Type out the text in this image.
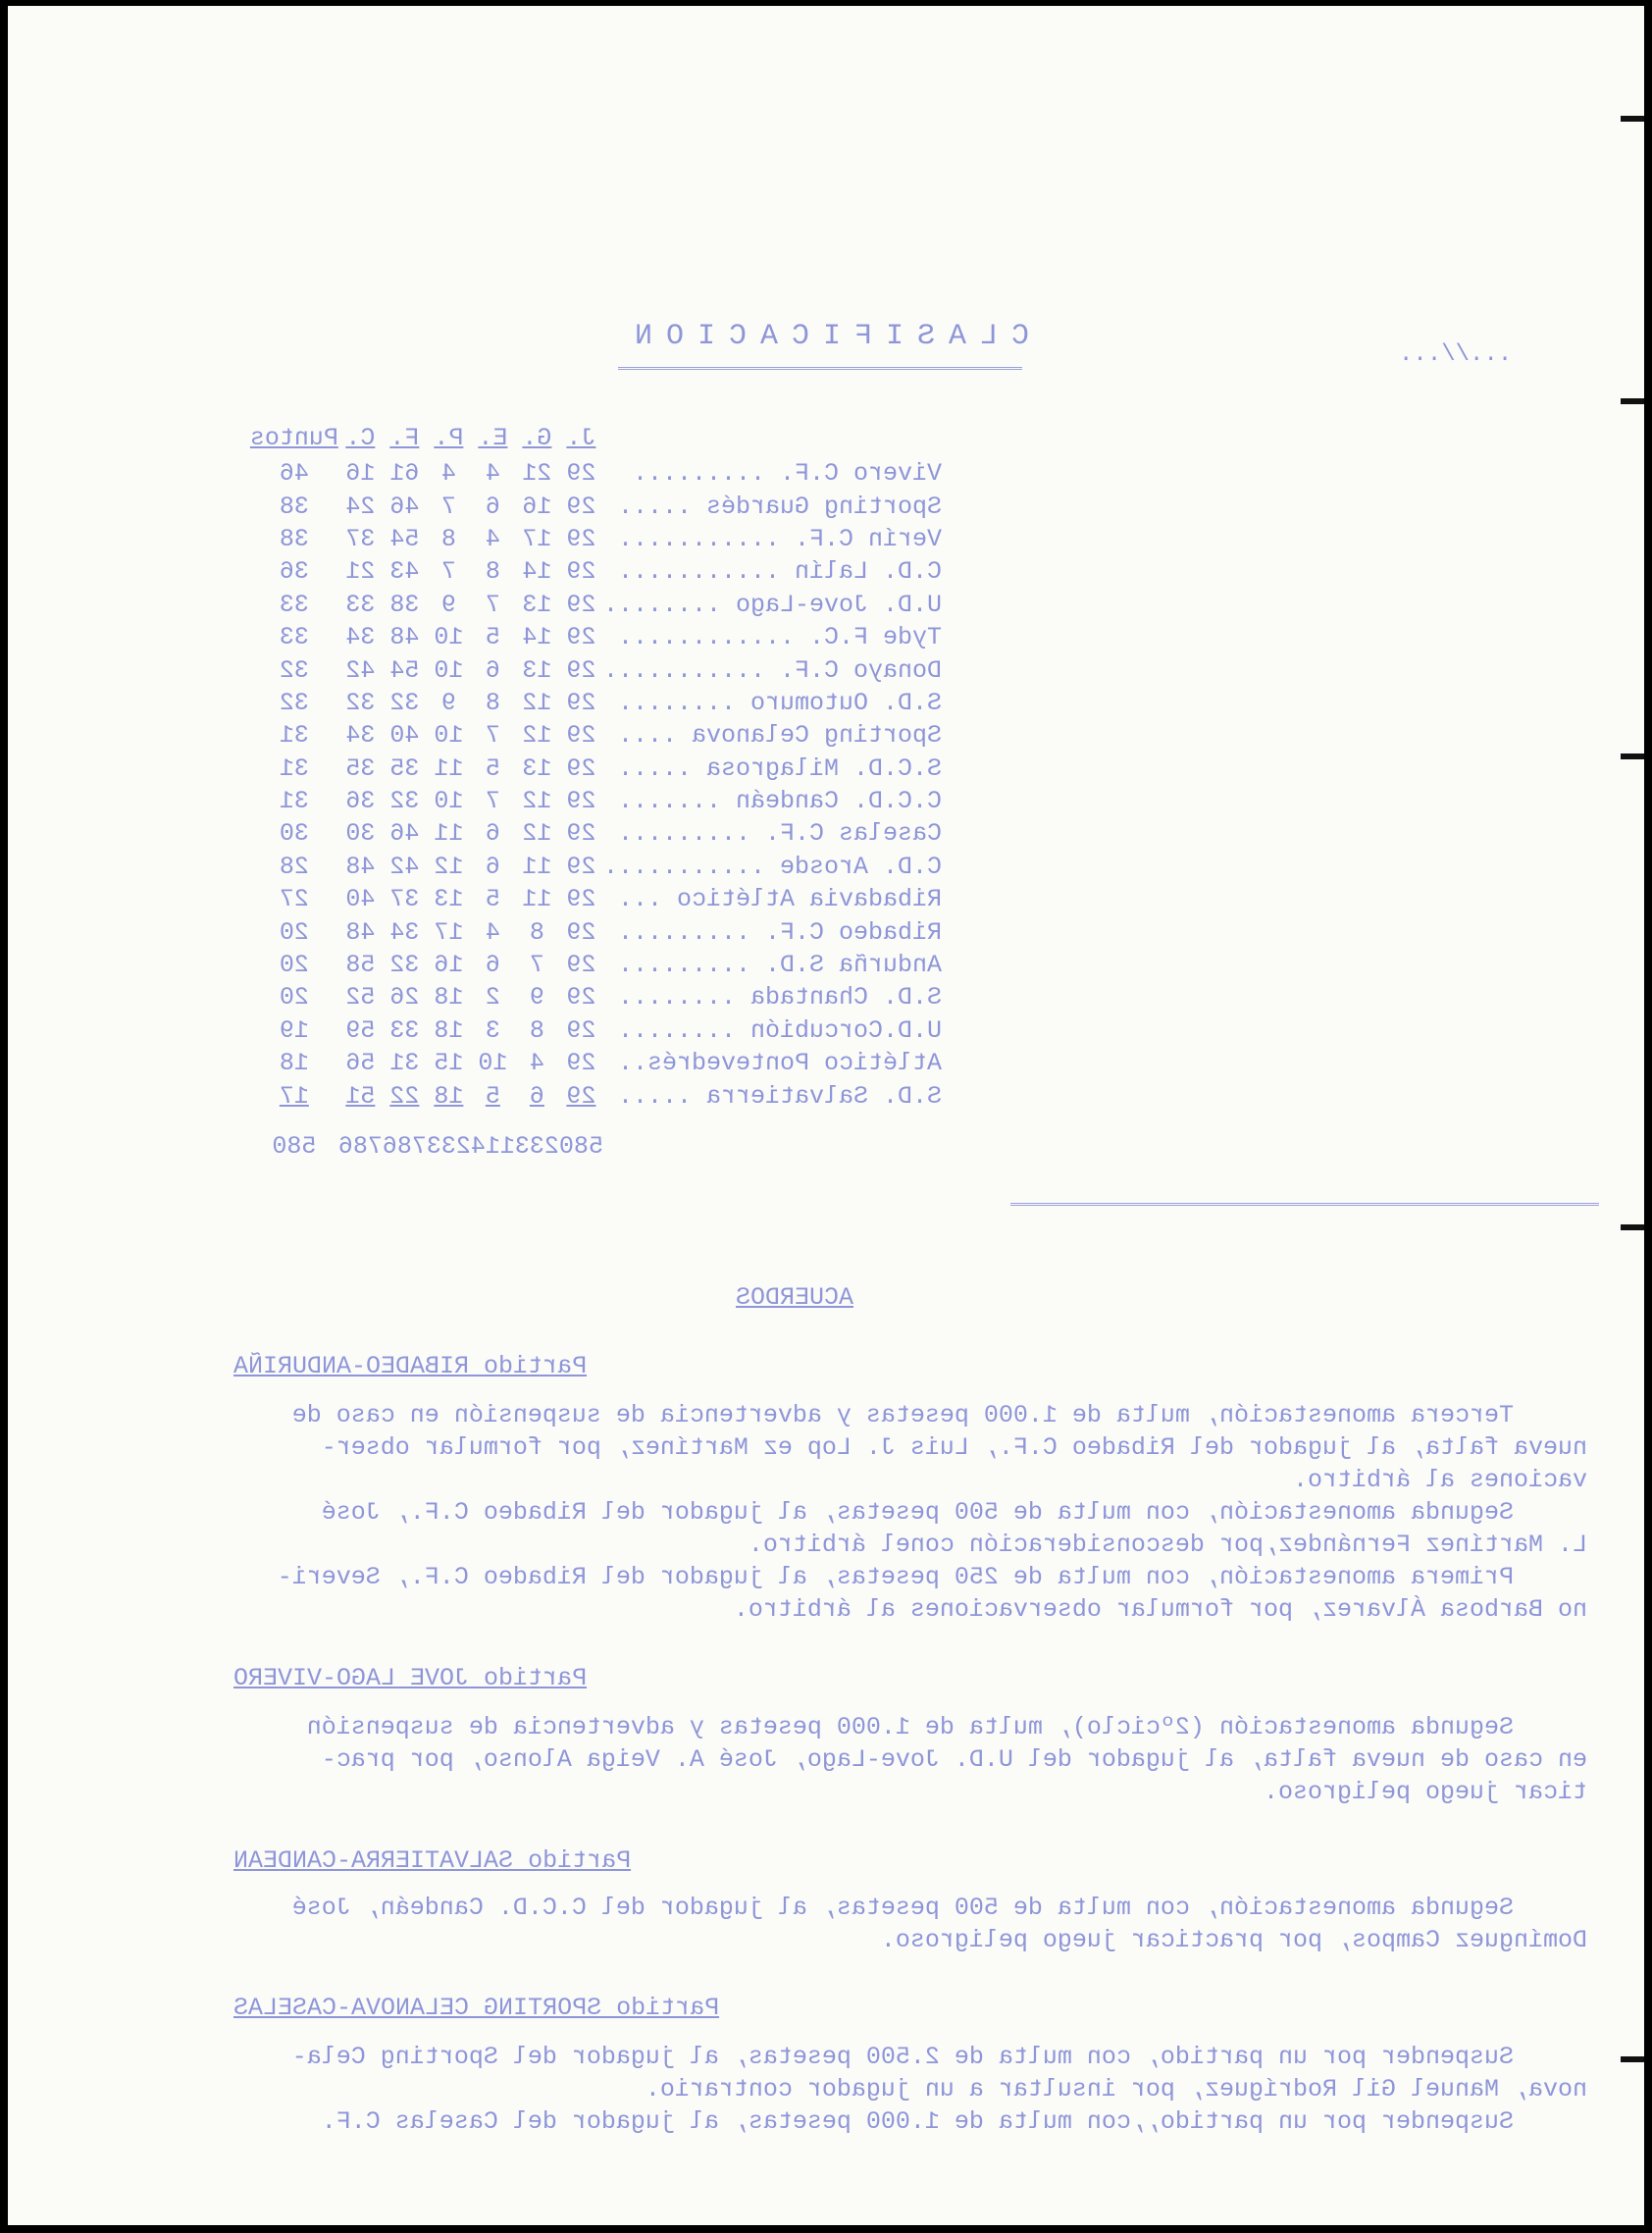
CLASIFICACION
...//...
	J.	G.	E.	P.	F.	C.	Puntos
Vivero C.F. .........	29	21	4	4	61	16	46
Sporting Guardés .....	29	16	6	7	46	24	38
Verín C.F. ...........	29	17	4	8	54	37	38
C.D. Lalín ...........	29	14	8	7	43	21	36
U.D. Jove-Lago ........	29	13	7	9	38	33	33
Tyde F.C. ............	29	14	5	10	48	34	33
Donayo C.F. ...........	29	13	6	10	54	42	32
S.D. Outomuro ........	29	12	8	9	32	32	32
Sporting Celanova ....	29	12	7	10	40	34	31
S.C.D. Milagrosa .....	29	13	5	11	35	35	31
C.C.D. Candeán .......	29	12	7	10	32	36	31
Caselas C.F. .........	29	12	6	11	46	30	30
C.D. Arosde ...........	29	11	6	12	42	48	28
Ribadavia Atlético ...	29	11	5	13	37	40	27
Ribadeo C.F. .........	29	8	4	17	34	48	20
Andurña S.D. .........	29	7	6	16	32	58	20
S.D. Chantada ........	29	9	2	18	26	52	20
U.D.Corcubión ........	29	8	3	18	33	59	19
Atlético Pontevedrés..	29	4	10	15	31	56	18
S.D. Salvatierra .....	29	6	5	18	22	51	17
	580	233	114	233	786	786	580
ACUERDOS
Partido RIBADEO-ANDURIÑA
Tercera amonestación, multa de 1.000 pesetas y advertencia de suspensión en caso de
nueva falta, al jugador del Ribadeo C.F., Luis J. Lop ez Martínez, por formular obser-
vaciones al árbitro.
Segunda amonestación, con multa de 500 pesetas, al jugador del Ribadeo C.F., José
L. Martínez Fernández,por desconsideración conel árbitro.
Primera amonestación, con multa de 250 pesetas, al jugador del Ribadeo C.F., Severi-
no Barbosa Álvarez, por formular observaciones al árbitro.
Partido JOVE LAGO-VIVERO
Segunda amonestación (2ºciclo), multa de 1.000 pesetas y advertencia de suspensión
en caso de nueva falta, al jugador del U.D. Jove-Lago, José A. Veiga Alonso, por prac-
ticar juego peligroso.
Partido SALVATIERRA-CANDEAN
Segunda amonestación, con multa de 500 pesetas, al jugador del C.C.D. Candeán, José
Domínguez Campos, por practicar juego peligroso.
Partido SPORTING CELANOVA-CASELAS
Suspender por un partido, con multa de 2.500 pesetas, al jugador del Sporting Cela-
nova, Manuel Gil Rodríguez, por insultar a un jugador contrario.
Suspender por un partido,,con multa de 1.000 pesetas, al jugador del Caselas C.F.
